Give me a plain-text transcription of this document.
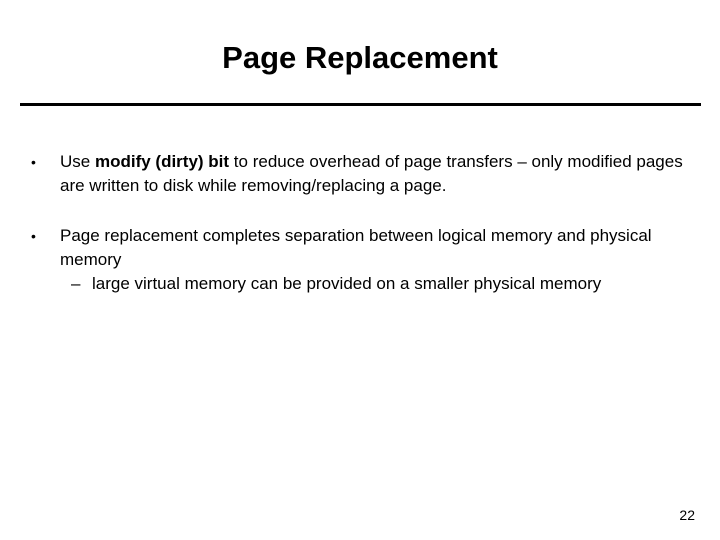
Page Replacement
• Use modify (dirty) bit to reduce overhead of page transfers – only modified pages are written to disk while removing/replacing a page.
• Page replacement completes separation between logical memory and physical memory
– large virtual memory can be provided on a smaller physical memory
22
